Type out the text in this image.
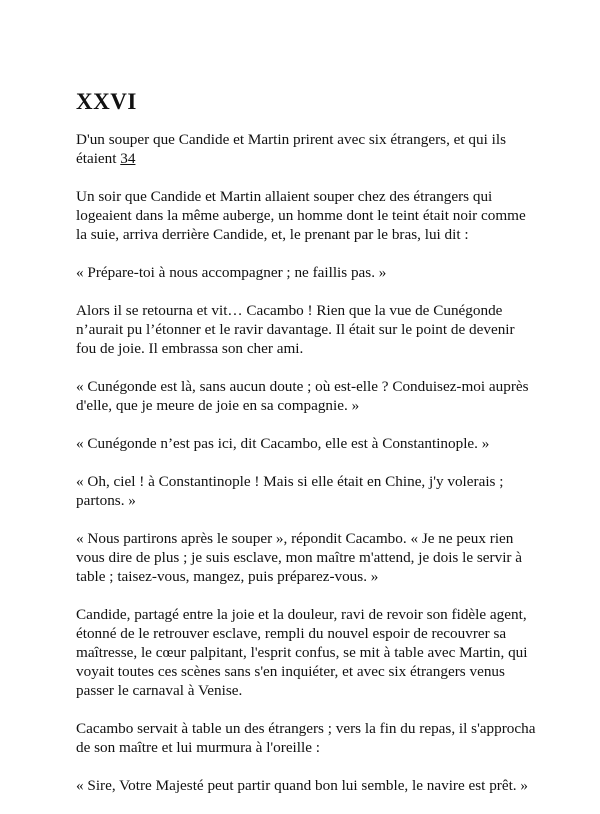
XXVI
D'un souper que Candide et Martin prirent avec six étrangers, et qui ils étaient 34

Un soir que Candide et Martin allaient souper chez des étrangers qui logeaient dans la même auberge, un homme dont le teint était noir comme la suie, arriva derrière Candide, et, le prenant par le bras, lui dit :

« Prépare-toi à nous accompagner ; ne faillis pas. »

Alors il se retourna et vit… Cacambo ! Rien que la vue de Cunégonde n’aurait pu l’étonner et le ravir davantage. Il était sur le point de devenir fou de joie. Il embrassa son cher ami.

« Cunégonde est là, sans aucun doute ; où est-elle ? Conduisez-moi auprès d'elle, que je meure de joie en sa compagnie. »

« Cunégonde n’est pas ici, dit Cacambo, elle est à Constantinople. »

« Oh, ciel ! à Constantinople ! Mais si elle était en Chine, j'y volerais ; partons. »

« Nous partirons après le souper », répondit Cacambo. « Je ne peux rien vous dire de plus ; je suis esclave, mon maître m'attend, je dois le servir à table ; taisez-vous, mangez, puis préparez-vous. »

Candide, partagé entre la joie et la douleur, ravi de revoir son fidèle agent, étonné de le retrouver esclave, rempli du nouvel espoir de recouvrer sa maîtresse, le cœur palpitant, l'esprit confus, se mit à table avec Martin, qui voyait toutes ces scènes sans s'en inquiéter, et avec six étrangers venus passer le carnaval à Venise.

Cacambo servait à table un des étrangers ; vers la fin du repas, il s'approcha de son maître et lui murmura à l'oreille :

« Sire, Votre Majesté peut partir quand bon lui semble, le navire est prêt. »
